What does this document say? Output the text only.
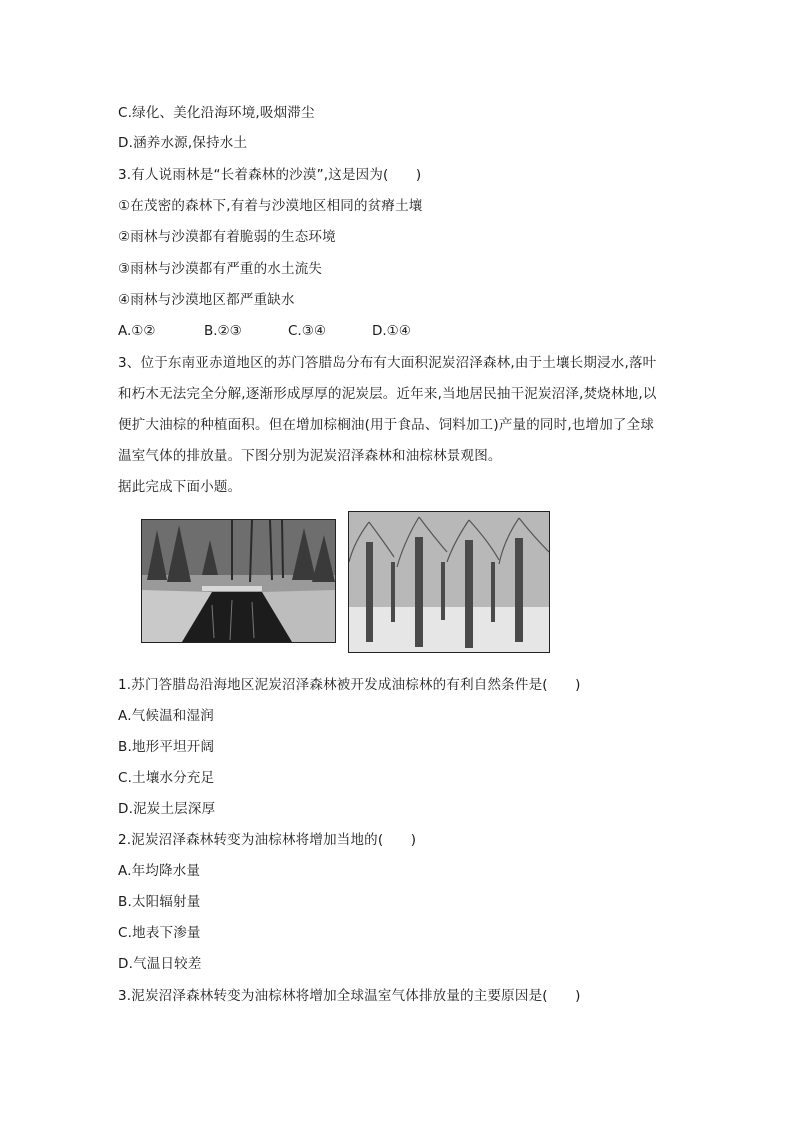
C.绿化、美化沿海环境,吸烟滞尘
D.涵养水源,保持水土
3.有人说雨林是“长着森林的沙漠”,这是因为(　　)
①在茂密的森林下,有着与沙漠地区相同的贫瘠土壤
②雨林与沙漠都有着脆弱的生态环境
③雨林与沙漠都有严重的水土流失
④雨林与沙漠地区都严重缺水
A.①②	B.②③	C.③④	D.①④
3、位于东南亚赤道地区的苏门答腊岛分布有大面积泥炭沼泽森林,由于土壤长期浸水,落叶
和朽木无法完全分解,逐渐形成厚厚的泥炭层。近年来,当地居民抽干泥炭沼泽,焚烧林地,以
便扩大油棕的种植面积。但在增加棕榈油(用于食品、饲料加工)产量的同时,也增加了全球
温室气体的排放量。下图分别为泥炭沼泽森林和油棕林景观图。
据此完成下面小题。
1.苏门答腊岛沿海地区泥炭沼泽森林被开发成油棕林的有利自然条件是(　　)
A.气候温和湿润
B.地形平坦开阔
C.土壤水分充足
D.泥炭土层深厚
2.泥炭沼泽森林转变为油棕林将增加当地的(　　)
A.年均降水量
B.太阳辐射量
C.地表下渗量
D.气温日较差
3.泥炭沼泽森林转变为油棕林将增加全球温室气体排放量的主要原因是(　　)
